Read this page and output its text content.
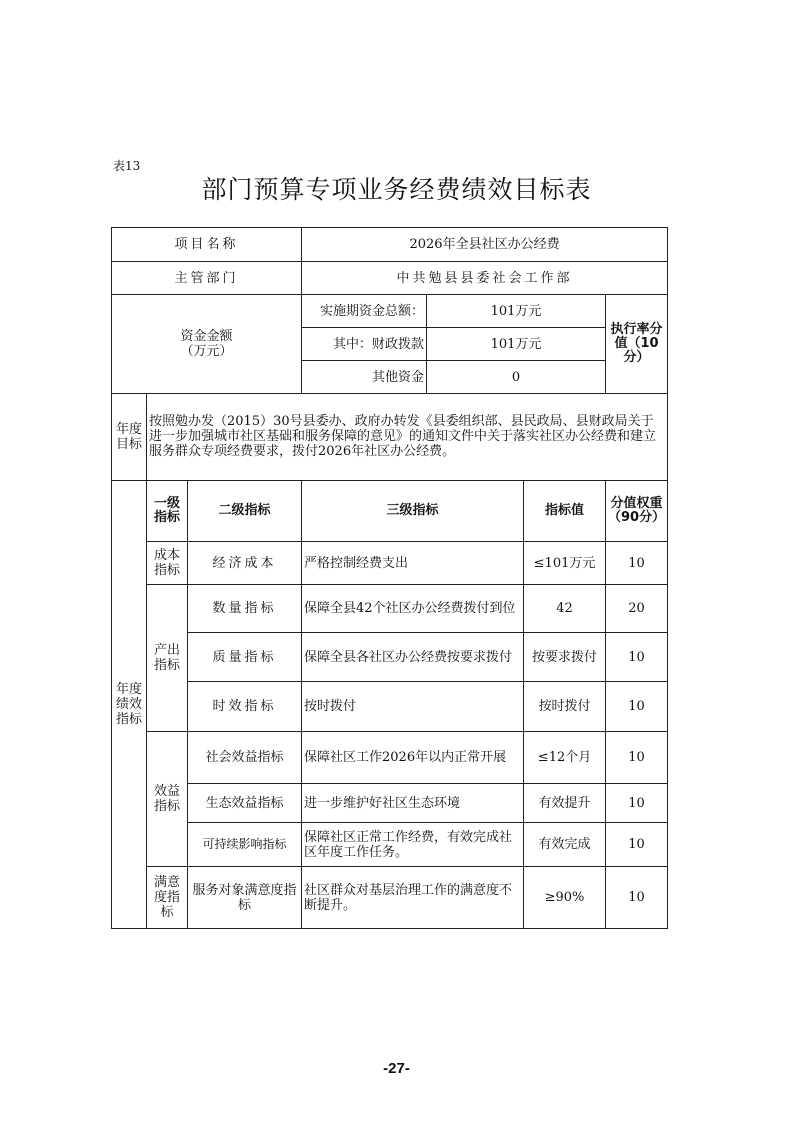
表13
部门预算专项业务经费绩效目标表
项目名称			2026年全县社区办公经费			
主管部门			中共勉县县委社会工作部			
资金金额（万元）			实施期资金总额：	101万元		执行率分值（10分）
			其中：财政拨款	101万元		
			其他资金	0		
年度目标	按照勉办发（2015）30号县委办、政府办转发《县委组织部、县民政局、县财政局关于进一步加强城市社区基础和服务保障的意见》的通知文件中关于落实社区办公经费和建立服务群众专项经费要求，拨付2026年社区办公经费。					
年度绩效指标	一级指标	二级指标	三级指标		指标值	分值权重（90分）
	成本指标	经济成本	严格控制经费支出		≤101万元	10
	产出指标	数量指标	保障全县42个社区办公经费拨付到位		42	20
		质量指标	保障全县各社区办公经费按要求拨付		按要求拨付	10
		时效指标	按时拨付		按时拨付	10
	效益指标	社会效益指标	保障社区工作2026年以内正常开展		≤12个月	10
		生态效益指标	进一步维护好社区生态环境		有效提升	10
		可持续影响指标	保障社区正常工作经费，有效完成社区年度工作任务。		有效完成	10
	满意度指标	服务对象满意度指标	社区群众对基层治理工作的满意度不断提升。		≥90%	10
-27-
